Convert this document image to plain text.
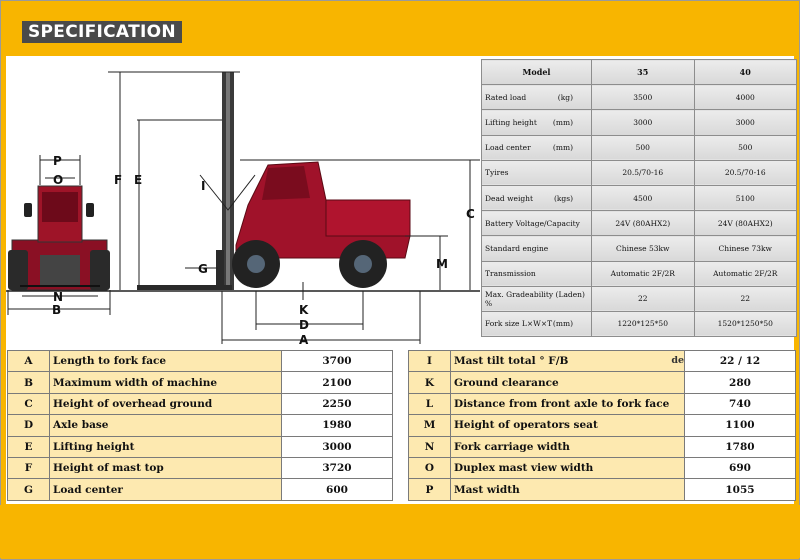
SPECIFICATION
P
O
N
B
F E	I
G
C
M
K
D
A
Model	35	40
Rated load (kg)	3500	4000
Lifting height (mm)	3000	3000
Load center (mm)	500	500
Tyires	20.5/70-16	20.5/70-16
Dead weight (kgs)	4500	5100
Battery Voltage/Capacity	24V (80AHX2)	24V (80AHX2)
Standard engine	Chinese 53kw	Chinese 73kw
Transmission	Automatic 2F/2R	Automatic 2F/2R
Max. Gradeability (Laden) %	22	22
Fork size L×W×T (mm)	1220*125*50	1520*1250*50
A	Length to fork face	3700
B	Maximum width of machine	2100
C	Height of overhead ground	2250
D	Axle base	1980
E	Lifting height	3000
F	Height of mast top	3720
G	Load center	600
I	Mast tilt total ° F/B de	22 / 12
K	Ground clearance	280
L	Distance from front axle to fork face	740
M	Height of operators seat	1100
N	Fork carriage width	1780
O	Duplex mast view width	690
P	Mast width	1055
